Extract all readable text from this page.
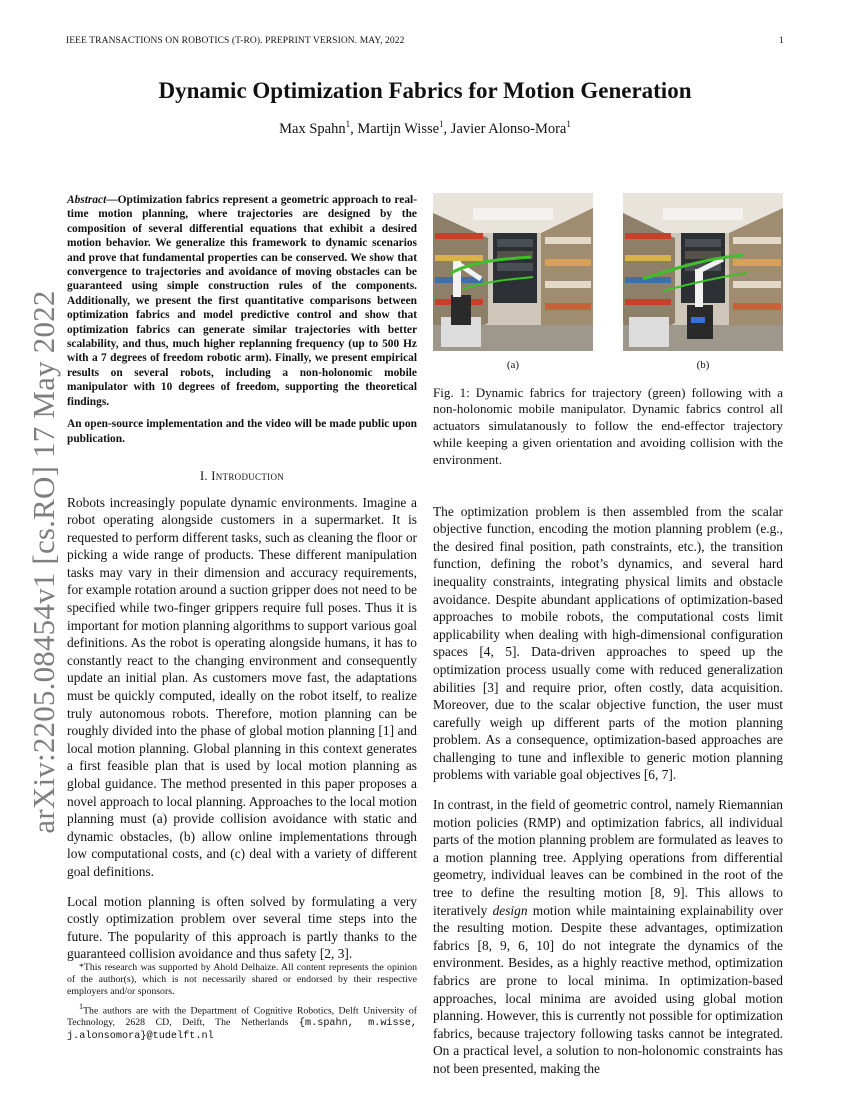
IEEE TRANSACTIONS ON ROBOTICS (T-RO). PREPRINT VERSION. MAY, 2022	1
Dynamic Optimization Fabrics for Motion Generation
Max Spahn$^1$, Martijn Wisse$^1$, Javier Alonso-Mora$^1$
arXiv:2205.08454v1 [cs.RO] 17 May 2022

Abstract—Optimization fabrics represent a geometric approach to real-time motion planning, where trajectories are designed by the composition of several differential equations that exhibit a desired motion behavior. We generalize this framework to dynamic scenarios and prove that fundamental properties can be conserved. We show that convergence to trajectories and avoidance of moving obstacles can be guaranteed using simple construction rules of the components. Additionally, we present the first quantitative comparisons between optimization fabrics and model predictive control and show that optimization fabrics can generate similar trajectories with better scalability, and thus, much higher replanning frequency (up to 500 Hz with a 7 degrees of freedom robotic arm). Finally, we present empirical results on several robots, including a non-holonomic mobile manipulator with 10 degrees of freedom, supporting the theoretical findings.

An open-source implementation and the video will be made public upon publication.

I. Introduction

Robots increasingly populate dynamic environments. Imagine a robot operating alongside customers in a supermarket. It is requested to perform different tasks, such as cleaning the floor or picking a wide range of products. These different manipulation tasks may vary in their dimension and accuracy requirements, for example rotation around a suction gripper does not need to be specified while two-finger grippers require full poses. Thus it is important for motion planning algorithms to support various goal definitions. As the robot is operating alongside humans, it has to constantly react to the changing environment and consequently update an initial plan. As customers move fast, the adaptations must be quickly computed, ideally on the robot itself, to realize truly autonomous robots. Therefore, motion planning can be roughly divided into the phase of global motion planning [1] and local motion planning. Global planning in this context generates a first feasible plan that is used by local motion planning as global guidance. The method presented in this paper proposes a novel approach to local planning. Approaches to the local motion planning must (a) provide collision avoidance with static and dynamic obstacles, (b) allow online implementations through low computational costs, and (c) deal with a variety of different goal definitions.

Local motion planning is often solved by formulating a very costly optimization problem over several time steps into the future. The popularity of this approach is partly thanks to the guaranteed collision avoidance and thus safety [2, 3].

*This research was supported by Ahold Delhaize. All content represents the opinion of the author(s), which is not necessarily shared or endorsed by their respective employers and/or sponsors.

$^1$The authors are with the Department of Cognitive Robotics, Delft University of Technology, 2628 CD, Delft, The Netherlands {m.spahn, m.wisse, j.alonsomora}@tudelft.nl

(a)	(b)

Fig. 1: Dynamic fabrics for trajectory (green) following with a non-holonomic mobile manipulator. Dynamic fabrics control all actuators simulatanously to follow the end-effector trajectory while keeping a given orientation and avoiding collision with the environment.

The optimization problem is then assembled from the scalar objective function, encoding the motion planning problem (e.g., the desired final position, path constraints, etc.), the transition function, defining the robot’s dynamics, and several hard inequality constraints, integrating physical limits and obstacle avoidance. Despite abundant applications of optimization-based approaches to mobile robots, the computational costs limit applicability when dealing with high-dimensional configuration spaces [4, 5]. Data-driven approaches to speed up the optimization process usually come with reduced generalization abilities [3] and require prior, often costly, data acquisition. Moreover, due to the scalar objective function, the user must carefully weigh up different parts of the motion planning problem. As a consequence, optimization-based approaches are challenging to tune and inflexible to generic motion planning problems with variable goal objectives [6, 7].

In contrast, in the field of geometric control, namely Riemannian motion policies (RMP) and optimization fabrics, all individual parts of the motion planning problem are formulated as leaves to a motion planning tree. Applying operations from differential geometry, individual leaves can be combined in the root of the tree to define the resulting motion [8, 9]. This allows to iteratively design motion while maintaining explainability over the resulting motion. Despite these advantages, optimization fabrics [8, 9, 6, 10] do not integrate the dynamics of the environment. Besides, as a highly reactive method, optimization fabrics are prone to local minima. In optimization-based approaches, local minima are avoided using global motion planning. However, this is currently not possible for optimization fabrics, because trajectory following tasks cannot be integrated. On a practical level, a solution to non-holonomic constraints has not been presented, making the
